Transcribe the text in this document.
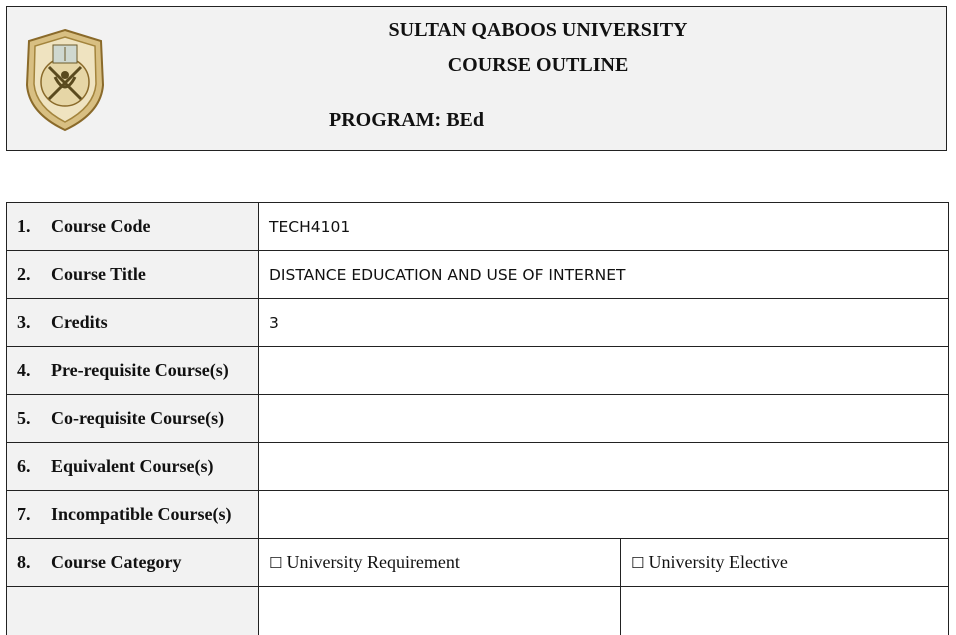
SULTAN QABOOS UNIVERSITY
COURSE OUTLINE
PROGRAM: BEd
1. Course Code	TECH4101	
2. Course Title	DISTANCE EDUCATION AND USE OF INTERNET	
3. Credits	3	
4. Pre-requisite Course(s)		
5. Co-requisite Course(s)		
6. Equivalent Course(s)		
7. Incompatible Course(s)		
8. Course Category	☐ University Requirement	☐ University Elective
